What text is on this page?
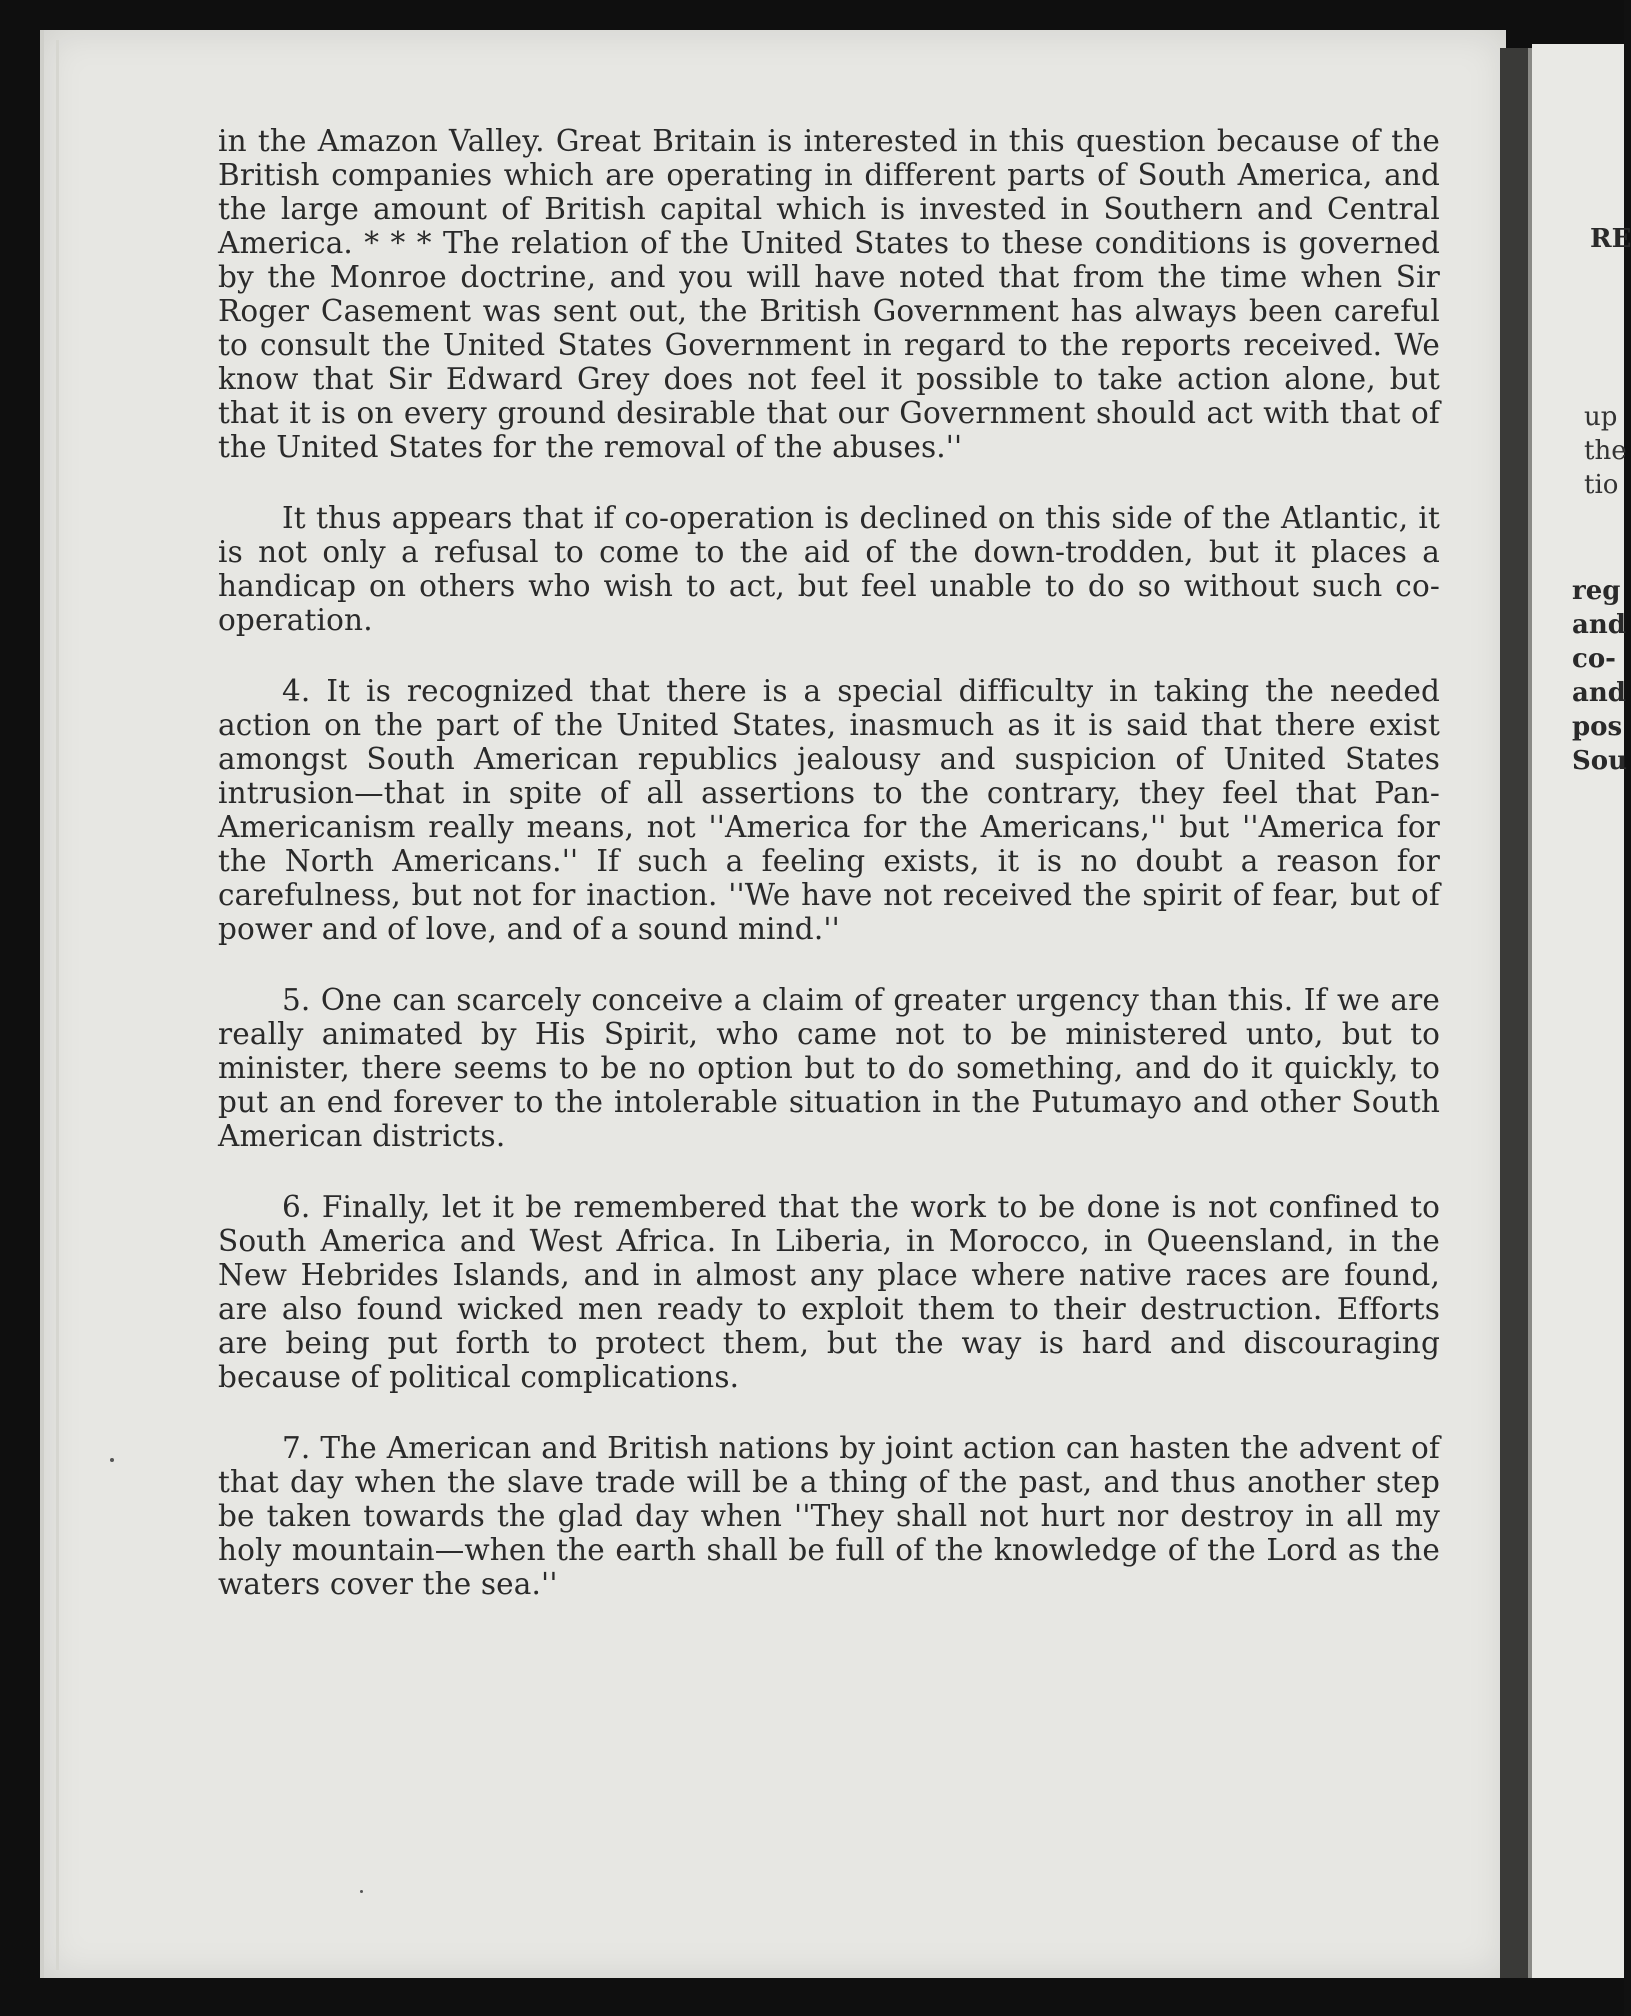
in the Amazon Valley. Great Britain is interested in this question because of the British companies which are operating in different parts of South America, and the large amount of British capital which is invested in Southern and Central America. * * * The relation of the United States to these conditions is governed by the Monroe doctrine, and you will have noted that from the time when Sir Roger Casement was sent out, the British Government has always been careful to consult the United States Government in regard to the reports received. We know that Sir Edward Grey does not feel it possible to take action alone, but that it is on every ground desirable that our Government should act with that of the United States for the removal of the abuses.''

It thus appears that if co-operation is declined on this side of the Atlantic, it is not only a refusal to come to the aid of the down-trodden, but it places a handicap on others who wish to act, but feel unable to do so without such co-operation.

4. It is recognized that there is a special difficulty in taking the needed action on the part of the United States, inasmuch as it is said that there exist amongst South American republics jealousy and suspicion of United States intrusion—that in spite of all assertions to the contrary, they feel that Pan-Americanism really means, not ''America for the Americans,'' but ''America for the North Americans.'' If such a feeling exists, it is no doubt a reason for carefulness, but not for inaction. ''We have not received the spirit of fear, but of power and of love, and of a sound mind.''

5. One can scarcely conceive a claim of greater urgency than this. If we are really animated by His Spirit, who came not to be ministered unto, but to minister, there seems to be no option but to do something, and do it quickly, to put an end forever to the intolerable situation in the Putumayo and other South American districts.

6. Finally, let it be remembered that the work to be done is not confined to South America and West Africa. In Liberia, in Morocco, in Queensland, in the New Hebrides Islands, and in almost any place where native races are found, are also found wicked men ready to exploit them to their destruction. Efforts are being put forth to protect them, but the way is hard and discouraging because of political complications.

7. The American and British nations by joint action can hasten the advent of that day when the slave trade will be a thing of the past, and thus another step be taken towards the glad day when ''They shall not hurt nor destroy in all my holy mountain—when the earth shall be full of the knowledge of the Lord as the waters cover the sea.''

RE
up
the
tio
reg
and
co-
and
pos
Sou
